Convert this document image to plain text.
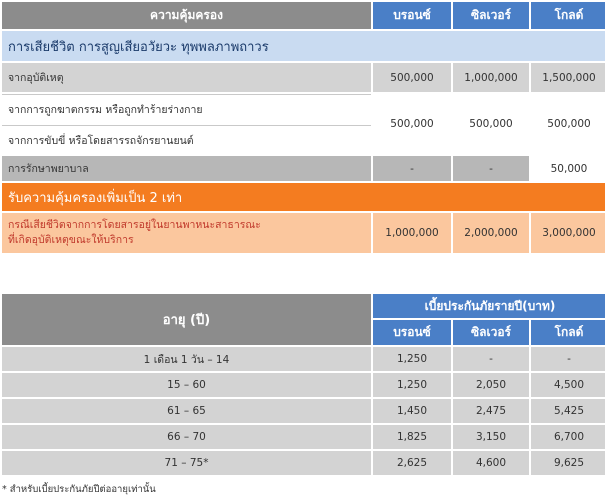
ความคุ้มครอง	บรอนซ์	ซิลเวอร์	โกลด์
การเสียชีวิต การสูญเสียอวัยวะ ทุพพลภาพถาวร			
จากอุบัติเหตุ	500,000	1,000,000	1,500,000
จากการถูกฆาตกรรม หรือถูกทำร้ายร่างกาย	500,000	500,000	500,000
จากการขับขี่ หรือโดยสารรถจักรยานยนต์			
การรักษาพยาบาล	-	-	50,000
รับความคุ้มครองเพิ่มเป็น 2 เท่า			

กรณีเสียชีวิตจากการโดยสารอยู่ในยานพาหนะสาธารณะ
ที่เกิดอุบัติเหตุขณะให้บริการ	1,000,000	2,000,000	3,000,000
อายุ (ปี)	เบี้ยประกันภัยรายปี(บาท)		
	บรอนซ์	ซิลเวอร์	โกลด์
1 เดือน 1 วัน – 14	1,250	-	-
15 – 60	1,250	2,050	4,500
61 – 65	1,450	2,475	5,425
66 – 70	1,825	3,150	6,700
71 – 75*	2,625	4,600	9,625
* สำหรับเบี้ยประกันภัยปีต่ออายุเท่านั้น
